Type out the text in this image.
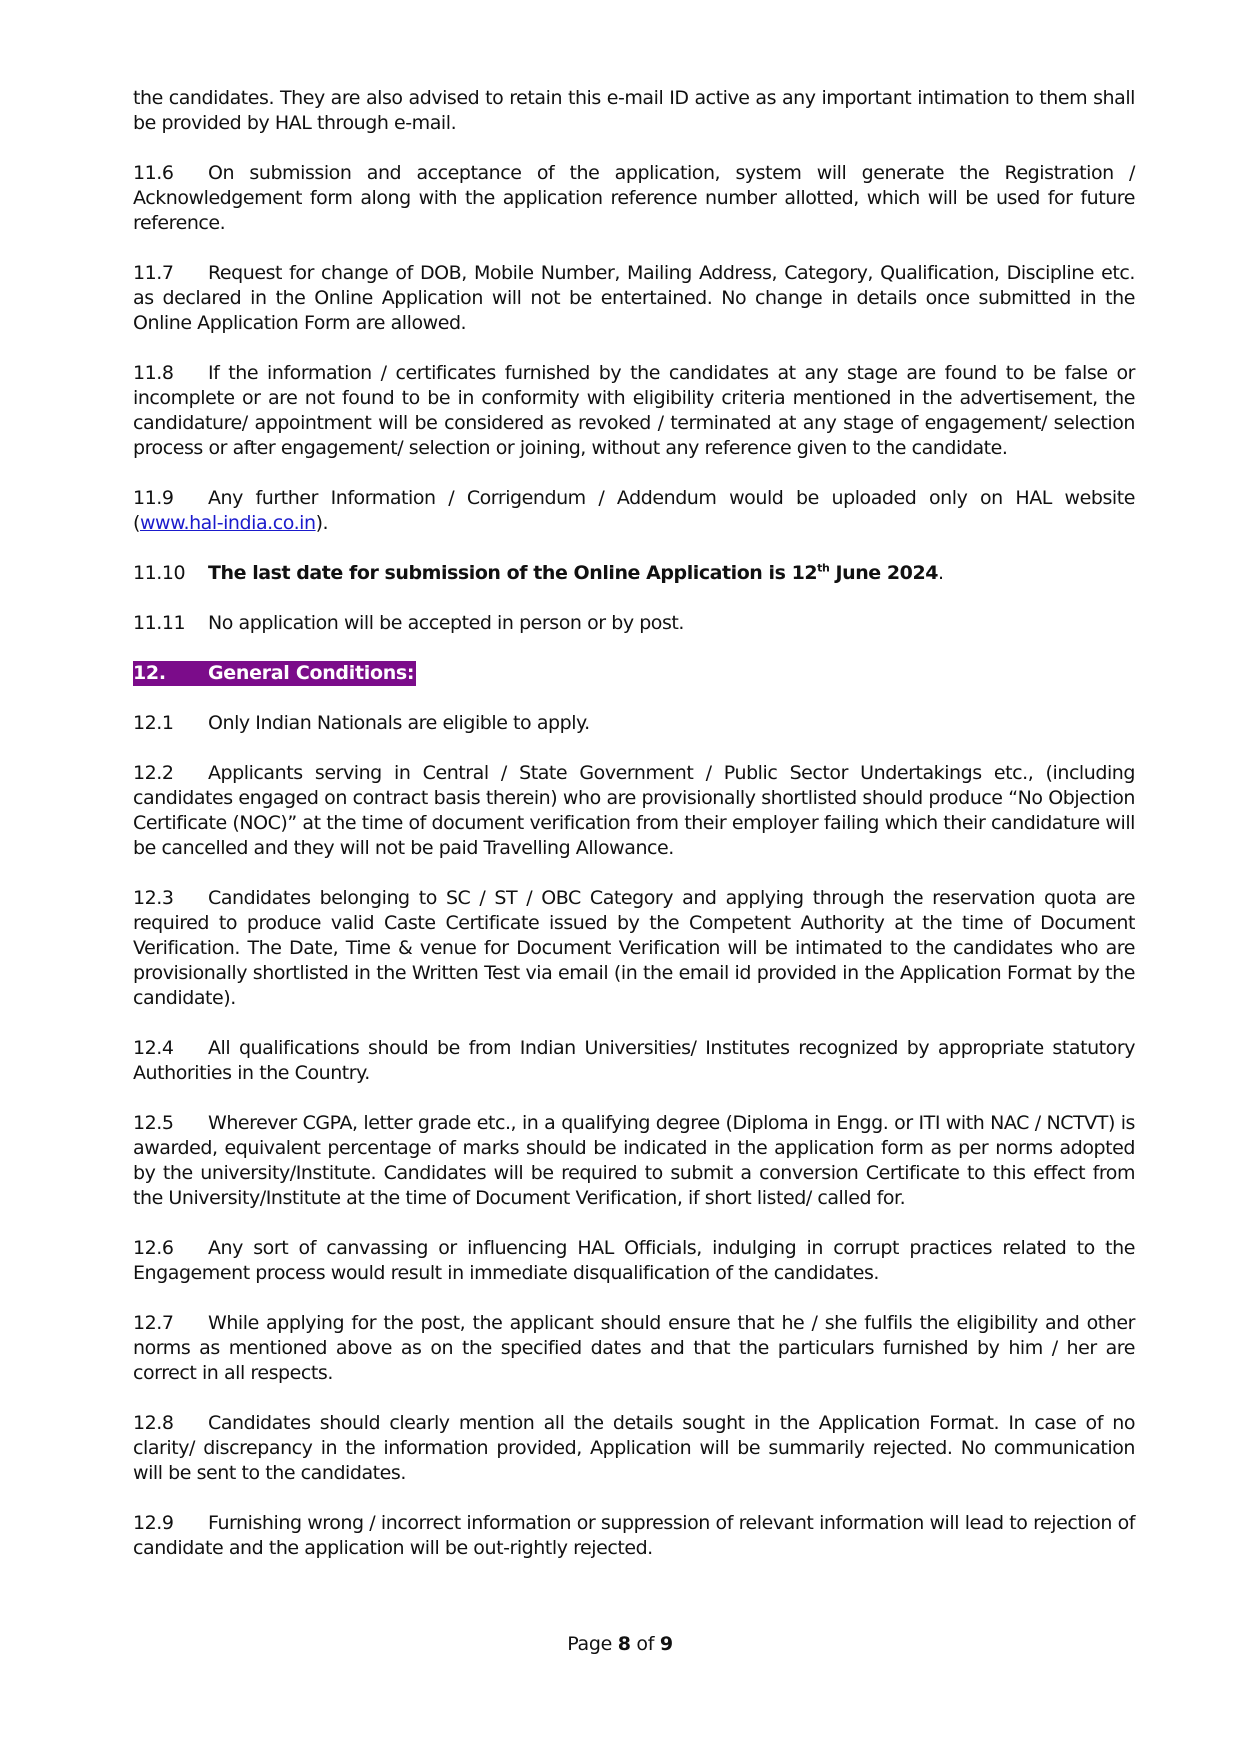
the candidates. They are also advised to retain this e-mail ID active as any important intimation to them shall be provided by HAL through e-mail.

11.6 On submission and acceptance of the application, system will generate the Registration / Acknowledgement form along with the application reference number allotted, which will be used for future reference.

11.7 Request for change of DOB, Mobile Number, Mailing Address, Category, Qualification, Discipline etc. as declared in the Online Application will not be entertained. No change in details once submitted in the Online Application Form are allowed.

11.8 If the information / certificates furnished by the candidates at any stage are found to be false or incomplete or are not found to be in conformity with eligibility criteria mentioned in the advertisement, the candidature/ appointment will be considered as revoked / terminated at any stage of engagement/ selection process or after engagement/ selection or joining, without any reference given to the candidate.

11.9 Any further Information / Corrigendum / Addendum would be uploaded only on HAL website (www.hal-india.co.in).

11.10 The last date for submission of the Online Application is 12th June 2024.

11.11 No application will be accepted in person or by post.

12. General Conditions:

12.1 Only Indian Nationals are eligible to apply.

12.2 Applicants serving in Central / State Government / Public Sector Undertakings etc., (including candidates engaged on contract basis therein) who are provisionally shortlisted should produce “No Objection Certificate (NOC)” at the time of document verification from their employer failing which their candidature will be cancelled and they will not be paid Travelling Allowance.

12.3 Candidates belonging to SC / ST / OBC Category and applying through the reservation quota are required to produce valid Caste Certificate issued by the Competent Authority at the time of Document Verification. The Date, Time & venue for Document Verification will be intimated to the candidates who are provisionally shortlisted in the Written Test via email (in the email id provided in the Application Format by the candidate).

12.4 All qualifications should be from Indian Universities/ Institutes recognized by appropriate statutory Authorities in the Country.

12.5 Wherever CGPA, letter grade etc., in a qualifying degree (Diploma in Engg. or ITI with NAC / NCTVT) is awarded, equivalent percentage of marks should be indicated in the application form as per norms adopted by the university/Institute. Candidates will be required to submit a conversion Certificate to this effect from the University/Institute at the time of Document Verification, if short listed/ called for.

12.6 Any sort of canvassing or influencing HAL Officials, indulging in corrupt practices related to the Engagement process would result in immediate disqualification of the candidates.

12.7 While applying for the post, the applicant should ensure that he / she fulfils the eligibility and other norms as mentioned above as on the specified dates and that the particulars furnished by him / her are correct in all respects.

12.8 Candidates should clearly mention all the details sought in the Application Format. In case of no clarity/ discrepancy in the information provided, Application will be summarily rejected. No communication will be sent to the candidates.

12.9 Furnishing wrong / incorrect information or suppression of relevant information will lead to rejection of candidate and the application will be out-rightly rejected.

Page 8 of 9
